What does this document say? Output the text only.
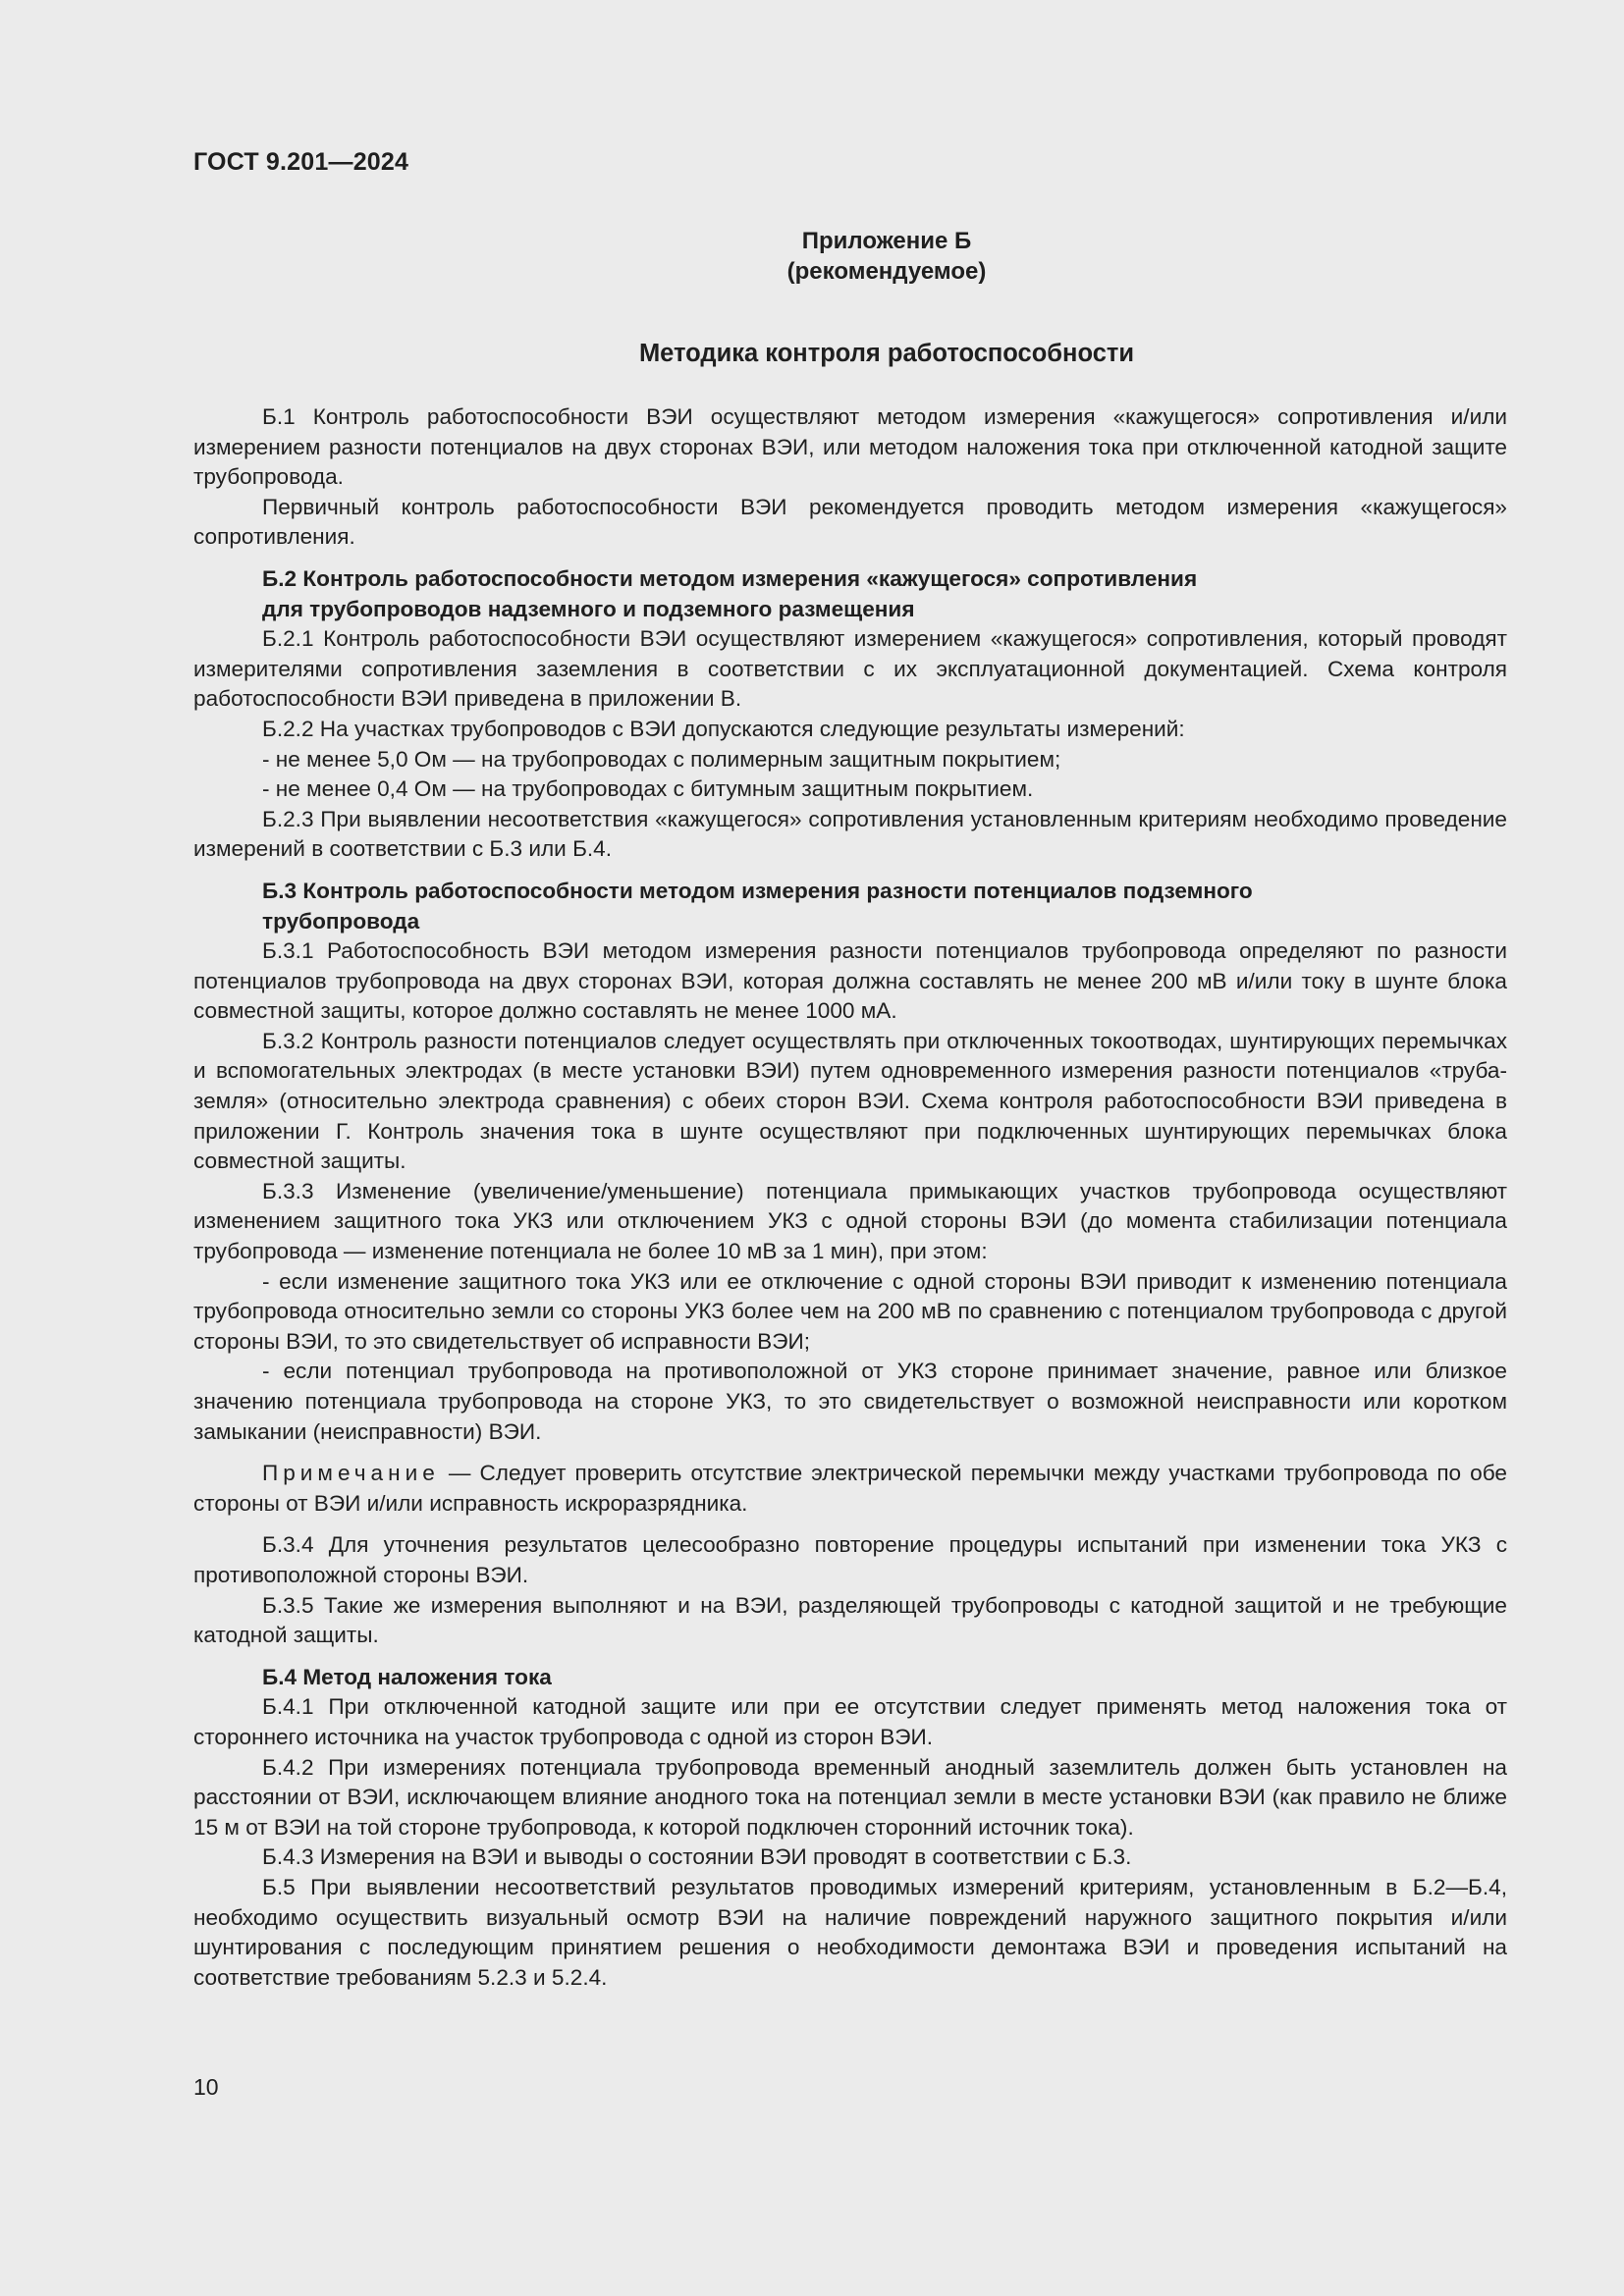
ГОСТ 9.201—2024
Приложение Б
(рекомендуемое)
Методика контроля работоспособности

Б.1 Контроль работоспособности ВЭИ осуществляют методом измерения «кажущегося» сопротивления и/или измерением разности потенциалов на двух сторонах ВЭИ, или методом наложения тока при отключенной катодной защите трубопровода.

Первичный контроль работоспособности ВЭИ рекомендуется проводить методом измерения «кажущегося» сопротивления.

Б.2 Контроль работоспособности методом измерения «кажущегося» сопротивления

для трубопроводов надземного и подземного размещения

Б.2.1 Контроль работоспособности ВЭИ осуществляют измерением «кажущегося» сопротивления, который проводят измерителями сопротивления заземления в соответствии с их эксплуатационной документацией. Схема контроля работоспособности ВЭИ приведена в приложении В.

Б.2.2 На участках трубопроводов с ВЭИ допускаются следующие результаты измерений:

- не менее 5,0 Ом — на трубопроводах с полимерным защитным покрытием;

- не менее 0,4 Ом — на трубопроводах с битумным защитным покрытием.

Б.2.3 При выявлении несоответствия «кажущегося» сопротивления установленным критериям необходимо проведение измерений в соответствии с Б.3 или Б.4.

Б.3 Контроль работоспособности методом измерения разности потенциалов подземного

трубопровода

Б.3.1 Работоспособность ВЭИ методом измерения разности потенциалов трубопровода определяют по разности потенциалов трубопровода на двух сторонах ВЭИ, которая должна составлять не менее 200 мВ и/или току в шунте блока совместной защиты, которое должно составлять не менее 1000 мА.

Б.3.2 Контроль разности потенциалов следует осуществлять при отключенных токоотводах, шунтирующих перемычках и вспомогательных электродах (в месте установки ВЭИ) путем одновременного измерения разности потенциалов «труба-земля» (относительно электрода сравнения) с обеих сторон ВЭИ. Схема контроля работоспособности ВЭИ приведена в приложении Г. Контроль значения тока в шунте осуществляют при подключенных шунтирующих перемычках блока совместной защиты.

Б.3.3 Изменение (увеличение/уменьшение) потенциала примыкающих участков трубопровода осуществляют изменением защитного тока УКЗ или отключением УКЗ с одной стороны ВЭИ (до момента стабилизации потенциала трубопровода — изменение потенциала не более 10 мВ за 1 мин), при этом:

- если изменение защитного тока УКЗ или ее отключение с одной стороны ВЭИ приводит к изменению потенциала трубопровода относительно земли со стороны УКЗ более чем на 200 мВ по сравнению с потенциалом трубопровода с другой стороны ВЭИ, то это свидетельствует об исправности ВЭИ;

- если потенциал трубопровода на противоположной от УКЗ стороне принимает значение, равное или близкое значению потенциала трубопровода на стороне УКЗ, то это свидетельствует о возможной неисправности или коротком замыкании (неисправности) ВЭИ.

Примечание — Следует проверить отсутствие электрической перемычки между участками трубопровода по обе стороны от ВЭИ и/или исправность искроразрядника.

Б.3.4 Для уточнения результатов целесообразно повторение процедуры испытаний при изменении тока УКЗ с противоположной стороны ВЭИ.

Б.3.5 Такие же измерения выполняют и на ВЭИ, разделяющей трубопроводы с катодной защитой и не требующие катодной защиты.

Б.4 Метод наложения тока

Б.4.1 При отключенной катодной защите или при ее отсутствии следует применять метод наложения тока от стороннего источника на участок трубопровода с одной из сторон ВЭИ.

Б.4.2 При измерениях потенциала трубопровода временный анодный заземлитель должен быть установлен на расстоянии от ВЭИ, исключающем влияние анодного тока на потенциал земли в месте установки ВЭИ (как правило не ближе 15 м от ВЭИ на той стороне трубопровода, к которой подключен сторонний источник тока).

Б.4.3 Измерения на ВЭИ и выводы о состоянии ВЭИ проводят в соответствии с Б.3.

Б.5 При выявлении несоответствий результатов проводимых измерений критериям, установленным в Б.2—Б.4, необходимо осуществить визуальный осмотр ВЭИ на наличие повреждений наружного защитного покрытия и/или шунтирования с последующим принятием решения о необходимости демонтажа ВЭИ и проведения испытаний на соответствие требованиям 5.2.3 и 5.2.4.

10
